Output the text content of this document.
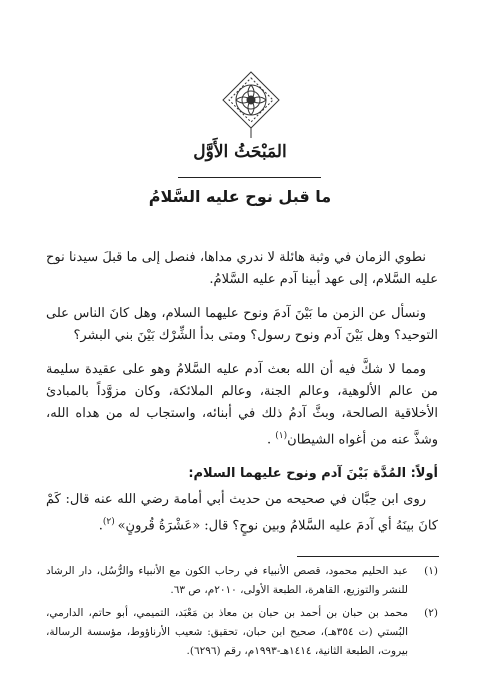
المَبْحَثُ الأَوَّل
ما قبل نوح عليه السَّلامُ

نطوي الزمان في وثبة هائلة لا ندري مداها، فنصل إلى ما قبلَ سيدنا نوح عليه السَّلام، إلى عهد أبينا آدم عليه السَّلامُ.

ونسأل عن الزمن ما بَيْنَ آدمَ ونوح عليهما السلام، وهل كانَ الناس على التوحيد؟ وهل بَيْنَ آدم ونوح رسول؟ ومتى بدأ الشِّرْك بَيْنَ بني البشر؟

ومما لا شكَّ فيه أن الله بعث آدم عليه السَّلامُ وهو على عقيدة سليمة من عالم الألوهية، وعالم الجنة، وعالم الملائكة، وكان مزوَّداً بالمبادئ الأخلاقية الصالحة، وبثَّ آدمُ ذلك في أبنائه، واستجاب له من هداه الله، وشذَّ عنه من أغواه الشيطان$^{(١)}$ .

أولاً: المُدَّة بَيْنَ آدم ونوح عليهما السلام:
روى ابن حِبَّان في صحيحه من حديث أبي أمامة رضي الله عنه قال: كَمْ كانَ بينَهُ أي آدمَ عليه السَّلامُ وبين نوحٍ؟ قال: «عَشْرَةُ قُرونٍ» $^{(٢)}$.
(١)
عبد الحليم محمود، قصص الأنبياء في رحاب الكون مع الأنبياء والرُّسُل، دار الرشاد للنشر والتوزيع، القاهرة، الطبعة الأولى، ٢٠١٠م، ص ٦٣.
(٢)
محمد بن حبان بن أحمد بن حبان بن معاذ بن مَعْبَد، التميمي، أبو حاتم، الدارمي، البُستي (ت ٣٥٤هـ)، صحيح ابن حبان، تحقيق: شعيب الأرناؤوط، مؤسسة الرسالة، بيروت، الطبعة الثانية، ١٤١٤هـ-١٩٩٣م، رقم (٦٢٩٦).
